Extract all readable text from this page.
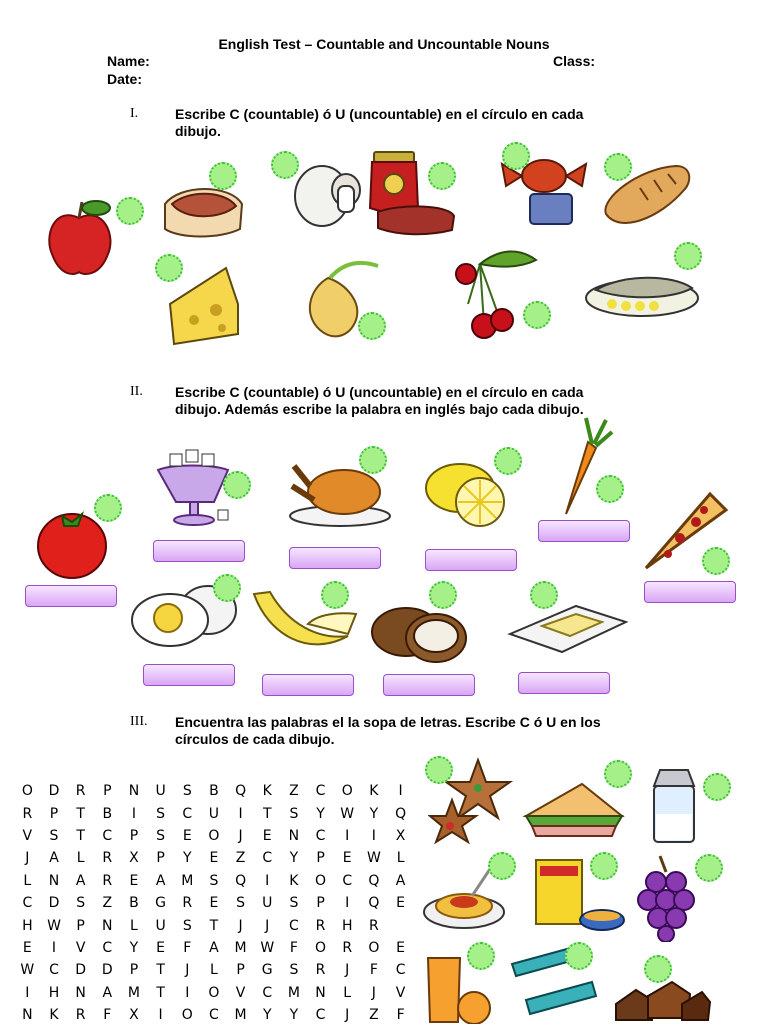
English Test – Countable and Uncountable Nouns
Name:	Class:
Date:
I.	Escribe C (countable) ó U (uncountable) en el círculo en cada
dibujo.
II. Escribe C (countable) ó U (uncountable) en el círculo en cada
dibujo. Además escribe la palabra en inglés bajo cada dibujo.
III. Encuentra las palabras el la sopa de letras. Escribe C ó U en los
círculos de cada dibujo.
O	D	R	P	N	U	S	B	Q	K	Z	C	O	K	I
R	P	T	B	I	S	C	U	I	T	S	Y	W	Y	Q
V	S	T	C	P	S	E	O	J	E	N	C	I	I	X
J	A	L	R	X	P	Y	E	Z	C	Y	P	E	W	L
L	N	A	R	E	A	M	S	Q	I	K	O	C	Q	A
C	D	S	Z	B	G	R	E	S	U	S	P	I	Q	E
H	W	P	N	L	U	S	T	J	J	C	R	H	R	
E	I	V	C	Y	E	F	A	M	W	F	O	R	O	E
W	C	D	D	P	T	J	L	P	G	S	R	J	F	C
I	H	N	A	M	T	I	O	V	C	M	N	L	J	V
N	K	R	F	X	I	O	C	M	Y	Y	C	J	Z	F
